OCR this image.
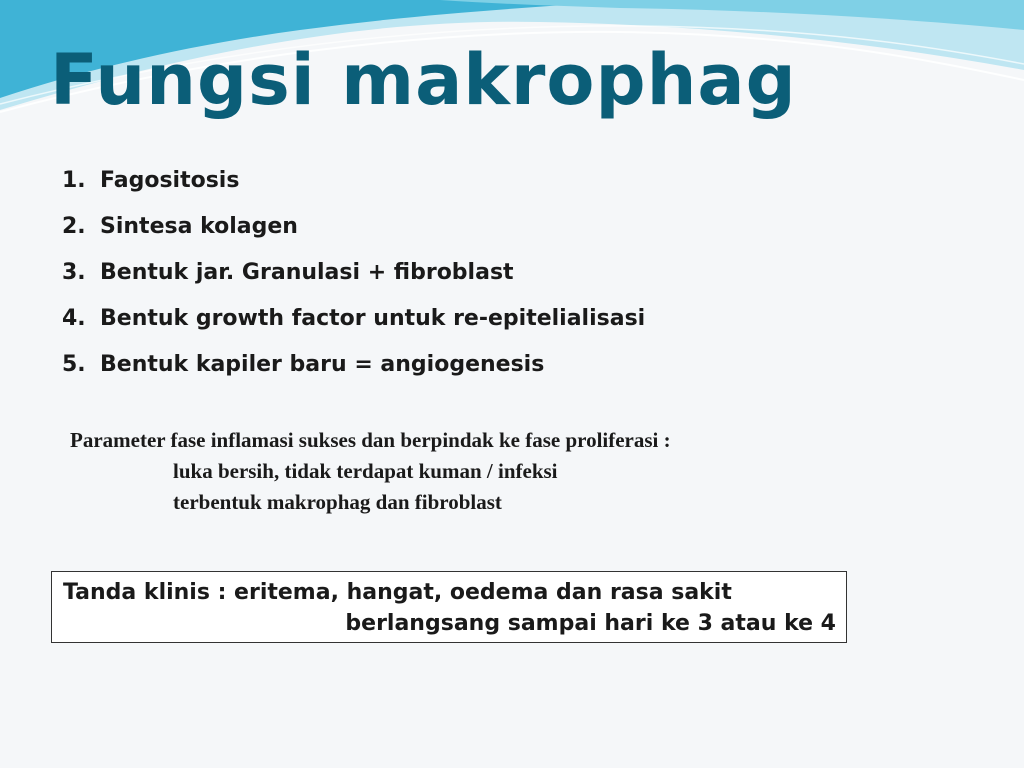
Fungsi makrophag
1. Fagositosis
2. Sintesa kolagen
3. Bentuk jar. Granulasi + fibroblast
4. Bentuk growth factor untuk re-epitelialisasi
5. Bentuk kapiler baru = angiogenesis
Parameter fase inflamasi sukses dan berpindak ke fase proliferasi :
luka bersih, tidak terdapat kuman / infeksi
terbentuk makrophag dan fibroblast
Tanda klinis : eritema, hangat, oedema dan rasa sakit
berlangsang sampai hari ke 3 atau ke 4
